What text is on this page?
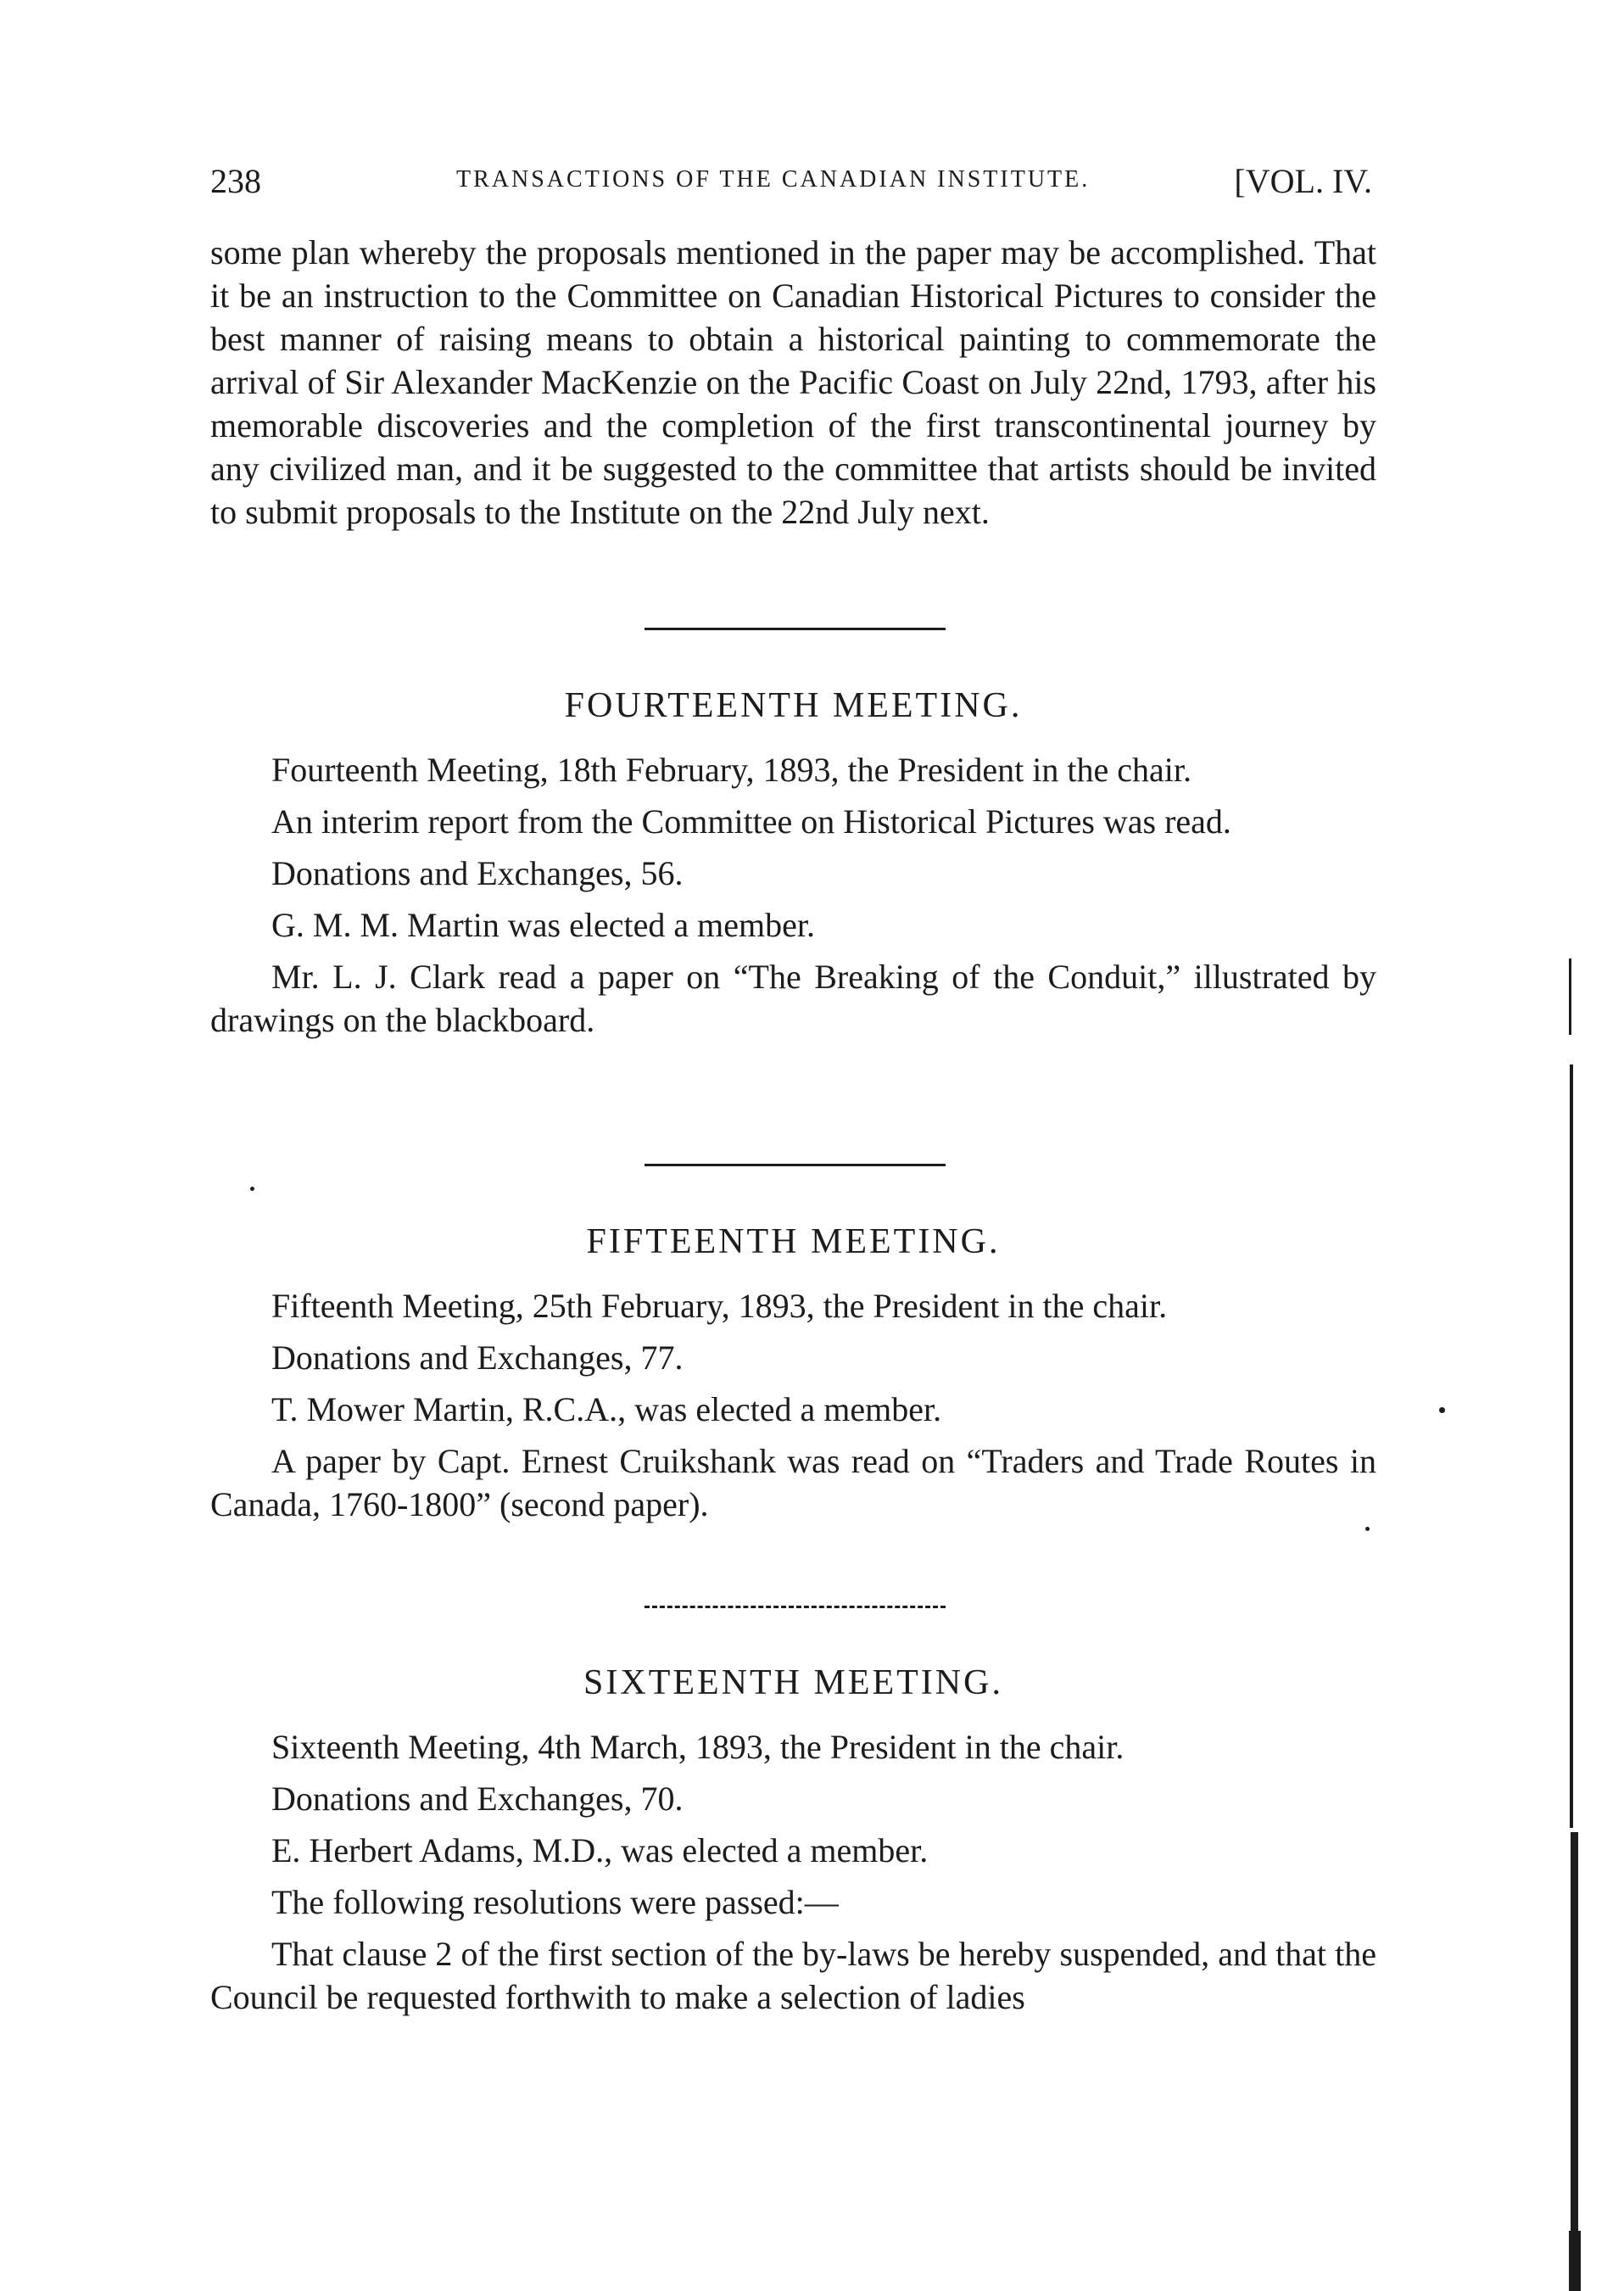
238	TRANSACTIONS OF THE CANADIAN INSTITUTE.	[VOL. IV.

some plan whereby the proposals mentioned in the paper may be accomplished. That it be an instruction to the Committee on Canadian Historical Pictures to consider the best manner of raising means to obtain a historical painting to commemorate the arrival of Sir Alexander MacKenzie on the Pacific Coast on July 22nd, 1793, after his memorable discoveries and the completion of the first transcontinental journey by any civilized man, and it be suggested to the committee that artists should be invited to submit proposals to the Institute on the 22nd July next.

FOURTEENTH MEETING.

Fourteenth Meeting, 18th February, 1893, the President in the chair.

An interim report from the Committee on Historical Pictures was read.

Donations and Exchanges, 56.

G. M. M. Martin was elected a member.

Mr. L. J. Clark read a paper on “The Breaking of the Conduit,” illustrated by drawings on the blackboard.

FIFTEENTH MEETING.

Fifteenth Meeting, 25th February, 1893, the President in the chair.

Donations and Exchanges, 77.

T. Mower Martin, R.C.A., was elected a member.

A paper by Capt. Ernest Cruikshank was read on “Traders and Trade Routes in Canada, 1760-1800” (second paper).

SIXTEENTH MEETING.

Sixteenth Meeting, 4th March, 1893, the President in the chair.

Donations and Exchanges, 70.

E. Herbert Adams, M.D., was elected a member.

The following resolutions were passed:—

That clause 2 of the first section of the by-laws be hereby suspended, and that the Council be requested forthwith to make a selection of ladies
